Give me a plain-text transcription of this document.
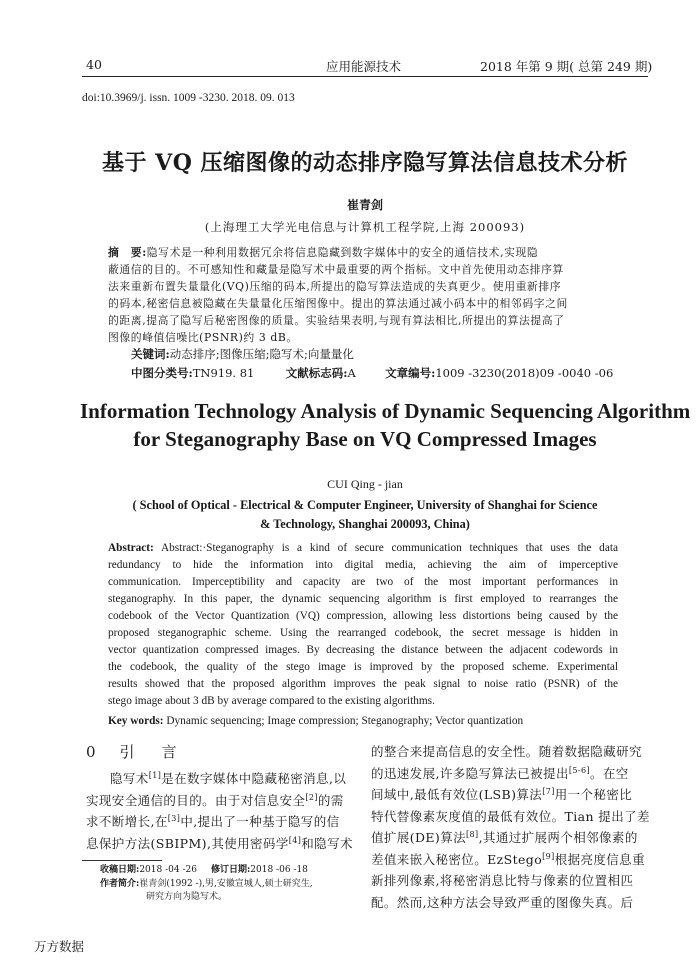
40	应用能源技术	2018 年第 9 期( 总第 249 期)
doi:10.3969/j. issn. 1009 -3230. 2018. 09. 013
基于 VQ 压缩图像的动态排序隐写算法信息技术分析
崔青剑
(上海理工大学光电信息与计算机工程学院,上海 200093)
摘　要:隐写术是一种利用数据冗余将信息隐藏到数字媒体中的安全的通信技术,实现隐
蔽通信的目的。不可感知性和藏量是隐写术中最重要的两个指标。文中首先使用动态排序算
法来重新布置失量量化(VQ)压缩的码本,所提出的隐写算法造成的失真更少。使用重新排序
的码本,秘密信息被隐藏在失量量化压缩图像中。提出的算法通过减小码本中的相邻码字之间
的距离,提高了隐写后秘密图像的质量。实验结果表明,与现有算法相比,所提出的算法提高了
图像的峰值信噪比(PSNR)约 3 dB。
关键词:动态排序;图像压缩;隐写术;向量量化
中图分类号:TN919. 81	文献标志码:A	文章编号:1009 -3230(2018)09 -0040 -06
Information Technology Analysis of Dynamic Sequencing Algorithm
for Steganography Base on VQ Compressed Images
CUI Qing - jian
( School of Optical - Electrical & Computer Engineer, University of Shanghai for Science
& Technology, Shanghai 200093, China)
Abstract: Abstract:·Steganography is a kind of secure communication techniques that uses the data
redundancy to hide the information into digital media, achieving the aim of imperceptive
communication. Imperceptibility and capacity are two of the most important performances in
steganography. In this paper, the dynamic sequencing algorithm is first employed to rearranges the
codebook of the Vector Quantization (VQ) compression, allowing less distortions being caused by the
proposed steganographic scheme. Using the rearranged codebook, the secret message is hidden in
vector quantization compressed images. By decreasing the distance between the adjacent codewords in
the codebook, the quality of the stego image is improved by the proposed scheme. Experimental
results showed that the proposed algorithm improves the peak signal to noise ratio (PSNR) of the
stego image about 3 dB by average compared to the existing algorithms.
Key words: Dynamic sequencing; Image compression; Steganography; Vector quantization
0 引　言
隐写术[1]是在数字媒体中隐藏秘密消息,以
实现安全通信的目的。由于对信息安全[2]的需
求不断增长,在[3]中,提出了一种基于隐写的信
息保护方法(SBIPM),其使用密码学[4]和隐写术
收稿日期:2018 -04 -26 修订日期:2018 -06 -18
作者简介:崔青剑(1992 -),男,安徽宣城人,硕士研究生,
研究方向为隐写术。
的整合来提高信息的安全性。随着数据隐藏研究
的迅速发展,许多隐写算法已被提出[5-6]。在空
间域中,最低有效位(LSB)算法[7]用一个秘密比
特代替像素灰度值的最低有效位。Tian 提出了差
值扩展(DE)算法[8],其通过扩展两个相邻像素的
差值来嵌入秘密位。EzStego[9]根据亮度信息重
新排列像素,将秘密消息比特与像素的位置相匹
配。然而,这种方法会导致严重的图像失真。后
万方数据
